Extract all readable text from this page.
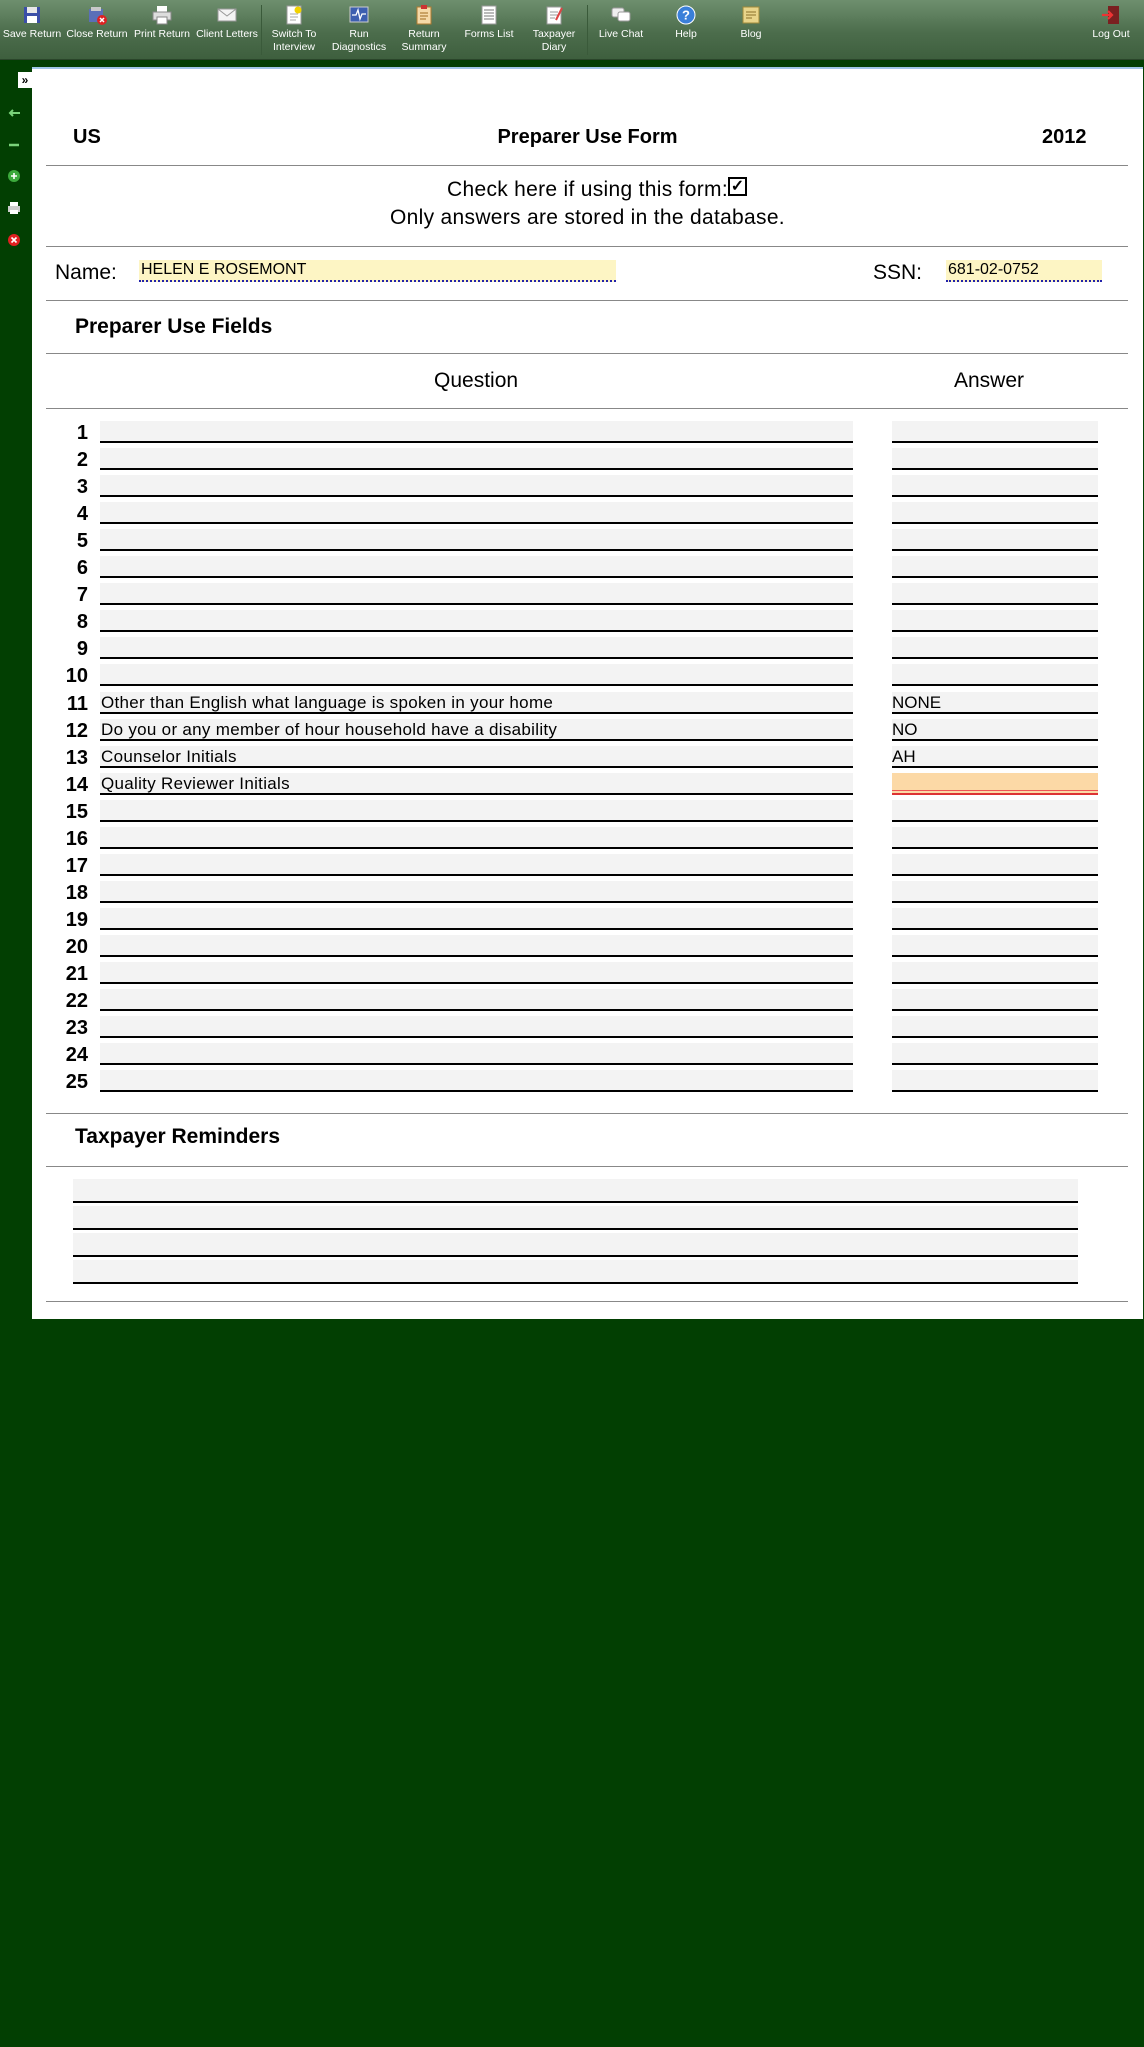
Save Return Close Return Print Return Client Letters	Switch To Interview
Run Diagnostics
Return Summary
Forms List	Taxpayer Diary
Live Chat
?
Help	Blog	Log Out
»
US	Preparer Use Form	2012
Check here if using this form: ✓
Only answers are stored in the database.
Name: HELEN E ROSEMONT	SSN: 681-02-0752
Preparer Use Fields
Question	Answer
1
2
3
4
5
6
7
8
9
10
11 Other than English what language is spoken in your home	NONE
12 Do you or any member of hour household have a disability	NO
13 Counselor Initials	AH
14 Quality Reviewer Initials
15
16
17
18
19
20
21
22
23
24
25
Taxpayer Reminders
